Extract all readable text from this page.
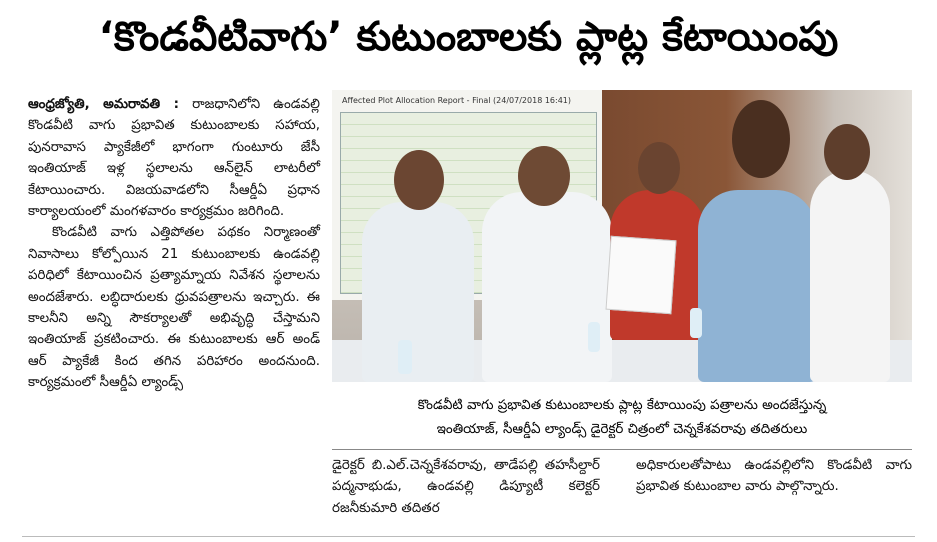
‘కొండవీటివాగు’ కుటుంబాలకు ప్లాట్ల కేటాయింపు

ఆంధ్రజ్యోతి, అమరావతి : రాజధానిలోని ఉండవల్లి కొండవీటి వాగు ప్రభావిత కుటుంబాలకు సహాయ, పునరావాస ప్యాకేజీలో భాగంగా గుంటూరు జేసీ ఇంతియాజ్ ఇళ్ల స్థలాలను ఆన్‌లైన్ లాటరీలో కేటాయించారు. విజయవాడలోని సీఆర్డీఏ ప్రధాన కార్యాలయంలో మంగళవారం కార్యక్రమం జరిగింది.

కొండవీటి వాగు ఎత్తిపోతల పథకం నిర్మాణంతో నివాసాలు కోల్పోయిన 21 కుటుంబాలకు ఉండవల్లి పరిధిలో కేటాయించిన ప్రత్యామ్నాయ నివేశన స్థలాలను అందజేశారు. లబ్ధిదారులకు ధ్రువపత్రాలను ఇచ్చారు. ఈ కాలనీని అన్ని సౌకర్యాలతో అభివృద్ధి చేస్తామని ఇంతియాజ్ ప్రకటించారు. ఈ కుటుంబాలకు ఆర్ అండ్ ఆర్ ప్యాకేజీ కింద తగిన పరిహారం అందనుంది. కార్యక్రమంలో సీఆర్డీఏ ల్యాండ్స్

Affected Plot Allocation Report - Final (24/07/2018 16:41)
కొండవీటి వాగు ప్రభావిత కుటుంబాలకు ప్లాట్ల కేటాయింపు పత్రాలను అందజేస్తున్న
ఇంతియాజ్, సీఆర్డీఏ ల్యాండ్స్ డైరెక్టర్ చిత్రంలో చెన్నకేశవరావు తదితరులు

డైరెక్టర్ బి.ఎల్.చెన్నకేశవరావు, తాడేపల్లి తహసీల్దార్ పద్మనాభుడు, ఉండవల్లి డిప్యూటీ కలెక్టర్ రజనీకుమారి తదితర

అధికారులతోపాటు ఉండవల్లిలోని కొండవీటి వాగు ప్రభావిత కుటుంబాల వారు పాల్గొన్నారు.
